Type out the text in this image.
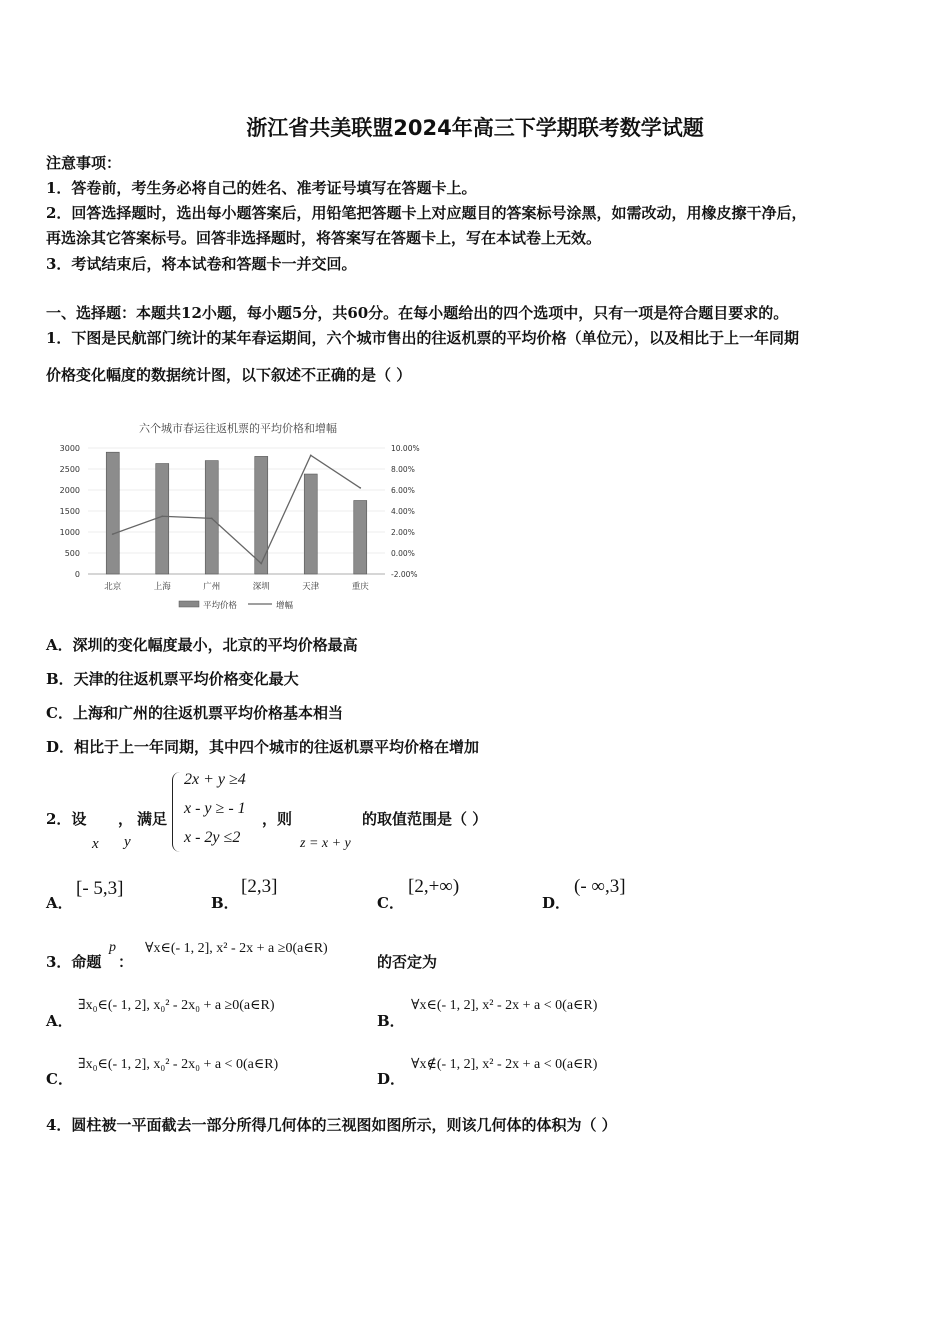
浙江省共美联盟2024年高三下学期联考数学试题
注意事项：
1．答卷前，考生务必将自己的姓名、准考证号填写在答题卡上。
2．回答选择题时，选出每小题答案后，用铅笔把答题卡上对应题目的答案标号涂黑，如需改动，用橡皮擦干净后，
再选涂其它答案标号。回答非选择题时，将答案写在答题卡上，写在本试卷上无效。
3．考试结束后，将本试卷和答题卡一并交回。
一、选择题：本题共12小题，每小题5分，共60分。在每小题给出的四个选项中，只有一项是符合题目要求的。
1．下图是民航部门统计的某年春运期间，六个城市售出的往返机票的平均价格（单位元），以及相比于上一年同期
价格变化幅度的数据统计图，以下叙述不正确的是（ ）
六个城市春运往返机票的平均价格和增幅
0
500
1000
1500
2000
2500
3000
-2.00%
0.00%
2.00%
4.00%
6.00%
8.00%
10.00%
北京	上海	广州	深圳	天津	重庆
平均价格	增幅
A．深圳的变化幅度最小，北京的平均价格最高
B．天津的往返机票平均价格变化最大
C．上海和广州的往返机票平均价格基本相当
D．相比于上一年同期，其中四个城市的往返机票平均价格在增加
2．设 ， 满足
x y
2x + y ≥4
x - y ≥ - 1
x - 2y ≤2
，则
z = x + y
的取值范围是（ ）
A．
[- 5,3]
B．
[2,3]
C．
[2,+∞)
D．
(- ∞,3]
3．命题
p
：
∀x∈(- 1, 2], x² - 2x + a ≥0(a∈R)
的否定为
A．
∃x₀∈(- 1, 2], x₀² - 2x₀ + a ≥0(a∈R)
B．
∀x∈(- 1, 2], x² - 2x + a < 0(a∈R)
C．
∃x₀∈(- 1, 2], x₀² - 2x₀ + a < 0(a∈R)
D．
∀x∉(- 1, 2], x² - 2x + a < 0(a∈R)
4．圆柱被一平面截去一部分所得几何体的三视图如图所示，则该几何体的体积为（ ）
